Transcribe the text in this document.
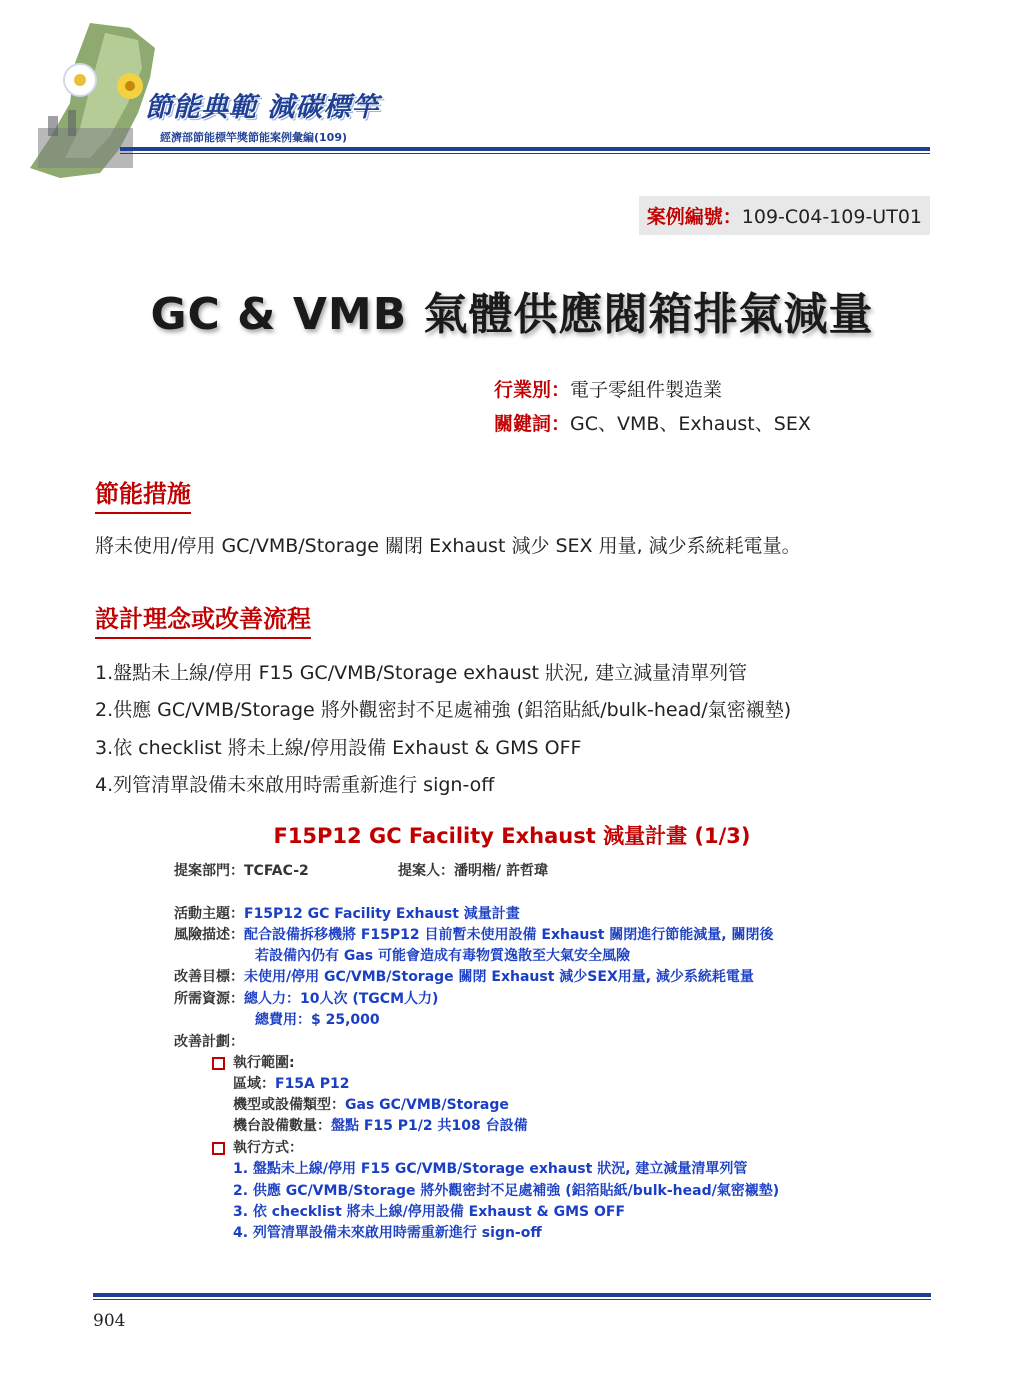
節能典範 減碳標竿
經濟部節能標竿獎節能案例彙編(109)
案例編號：109-C04-109-UT01
GC & VMB 氣體供應閥箱排氣減量
行業別：電子零組件製造業
關鍵詞：GC、VMB、Exhaust、SEX
節能措施
將未使用/停用 GC/VMB/Storage 關閉 Exhaust 減少 SEX 用量, 減少系統耗電量。
設計理念或改善流程
1.盤點未上線/停用 F15 GC/VMB/Storage exhaust 狀況, 建立減量清單列管
2.供應 GC/VMB/Storage 將外觀密封不足處補強 (鋁箔貼紙/bulk-head/氣密襯墊)
3.依 checklist 將未上線/停用設備 Exhaust & GMS OFF
4.列管清單設備未來啟用時需重新進行 sign-off
F15P12 GC Facility Exhaust 減量計畫 (1/3)
提案部門：TCFAC-2	提案人：潘明楷/ 許哲瑋
活動主題：F15P12 GC Facility Exhaust 減量計畫
風險描述：配合設備拆移機將 F15P12 目前暫未使用設備 Exhaust 關閉進行節能減量, 關閉後
若設備內仍有 Gas 可能會造成有毒物質逸散至大氣安全風險
改善目標：未使用/停用 GC/VMB/Storage 關閉 Exhaust 減少SEX用量, 減少系統耗電量
所需資源：總人力：10人次 (TGCM人力)
總費用：$ 25,000
改善計劃：
執行範圍:
區域：F15A P12
機型或設備類型：Gas GC/VMB/Storage
機台設備數量：盤點 F15 P1/2 共108 台設備
執行方式：
1. 盤點未上線/停用 F15 GC/VMB/Storage exhaust 狀況, 建立減量清單列管
2. 供應 GC/VMB/Storage 將外觀密封不足處補強 (鋁箔貼紙/bulk-head/氣密襯墊)
3. 依 checklist 將未上線/停用設備 Exhaust & GMS OFF
4. 列管清單設備未來啟用時需重新進行 sign-off
904
